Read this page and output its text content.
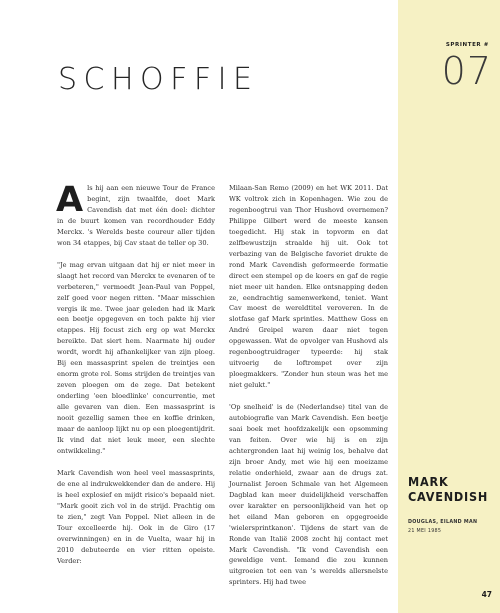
SPRINTER #
07
MARK
CAVENDISH
DOUGLAS, EILAND MAN
21 MEI 1985
SCHOFFIE

Als hij aan een nieuwe Tour de France begint, zijn twaalfde, doet Mark Cavendish dat met één doel: dichter in de buurt komen van recordhouder Eddy Merckx. 's Werelds beste coureur aller tijden won 34 etappes, bij Cav staat de teller op 30.

"Je mag ervan uitgaan dat hij er niet meer in slaagt het record van Merckx te evenaren of te verbeteren," vermoedt Jean-Paul van Poppel, zelf goed voor negen ritten. "Maar misschien vergis ik me. Twee jaar geleden had ik Mark een beetje opgegeven en toch pakte hij vier etappes. Hij focust zich erg op wat Merckx bereikte. Dat siert hem. Naarmate hij ouder wordt, wordt hij afhankelijker van zijn ploeg. Bij een massasprint spelen de treintjes een enorm grote rol. Soms strijden de treintjes van zeven ploegen om de zege. Dat betekent onderling 'een bloedlinke' concurrentie, met alle gevaren van dien. Een massasprint is nooit gezellig samen thee en koffie drinken, maar de aanloop lijkt nu op een ploegentijdrit. Ik vind dat niet leuk meer, een slechte ontwikkeling."

Mark Cavendish won heel veel massasprints, de ene al indrukwekkender dan de andere. Hij is heel explosief en mijdt risico's bepaald niet. "Mark gooit zich vol in de strijd. Prachtig om te zien," zegt Van Poppel. Niet alleen in de Tour excelleerde hij. Ook in de Giro (17 overwinningen) en in de Vuelta, waar hij in 2010 debuteerde en vier ritten opeiste. Verder:

Milaan-San Remo (2009) en het WK 2011. Dat WK voltrok zich in Kopenhagen. Wie zou de regenboogtrui van Thor Hushovd overnemen? Philippe Gilbert werd de meeste kansen toegedicht. Hij stak in topvorm en dat zelfbewustzijn straalde hij uit. Ook tot verbazing van de Belgische favoriet drukte de rond Mark Cavendish geformeerde formatie direct een stempel op de koers en gaf de regie niet meer uit handen. Elke ontsnapping deden ze, eendrachtig samenwerkend, teniet. Want Cav moest de wereldtitel veroveren. In de slotfase gaf Mark sprintles. Matthew Goss en André Greipel waren daar niet tegen opgewassen. Wat de opvolger van Hushovd als regenboogtruidrager typeerde: hij stak uitvoerig de loftrompet over zijn ploegmakkers. "Zonder hun steun was het me niet gelukt."

'Op snelheid' is de (Nederlandse) titel van de autobiografie van Mark Cavendish. Een beetje saai boek met hoofdzakelijk een opsomming van feiten. Over wie hij is en zijn achtergronden laat hij weinig los, behalve dat zijn broer Andy, met wie hij een moeizame relatie onderhield, zwaar aan de drugs zat. Journalist Jeroen Schmale van het Algemeen Dagblad kan meer duidelijkheid verschaffen over karakter en persoonlijkheid van het op het eiland Man geboren en opgegroeide 'wielersprintkanon'. Tijdens de start van de Ronde van Italië 2008 zocht hij contact met Mark Cavendish. "Ik vond Cavendish een geweldige vent. Iemand die zou kunnen uitgroeien tot een van 's werelds allersnelste sprinters. Hij had twee

47
